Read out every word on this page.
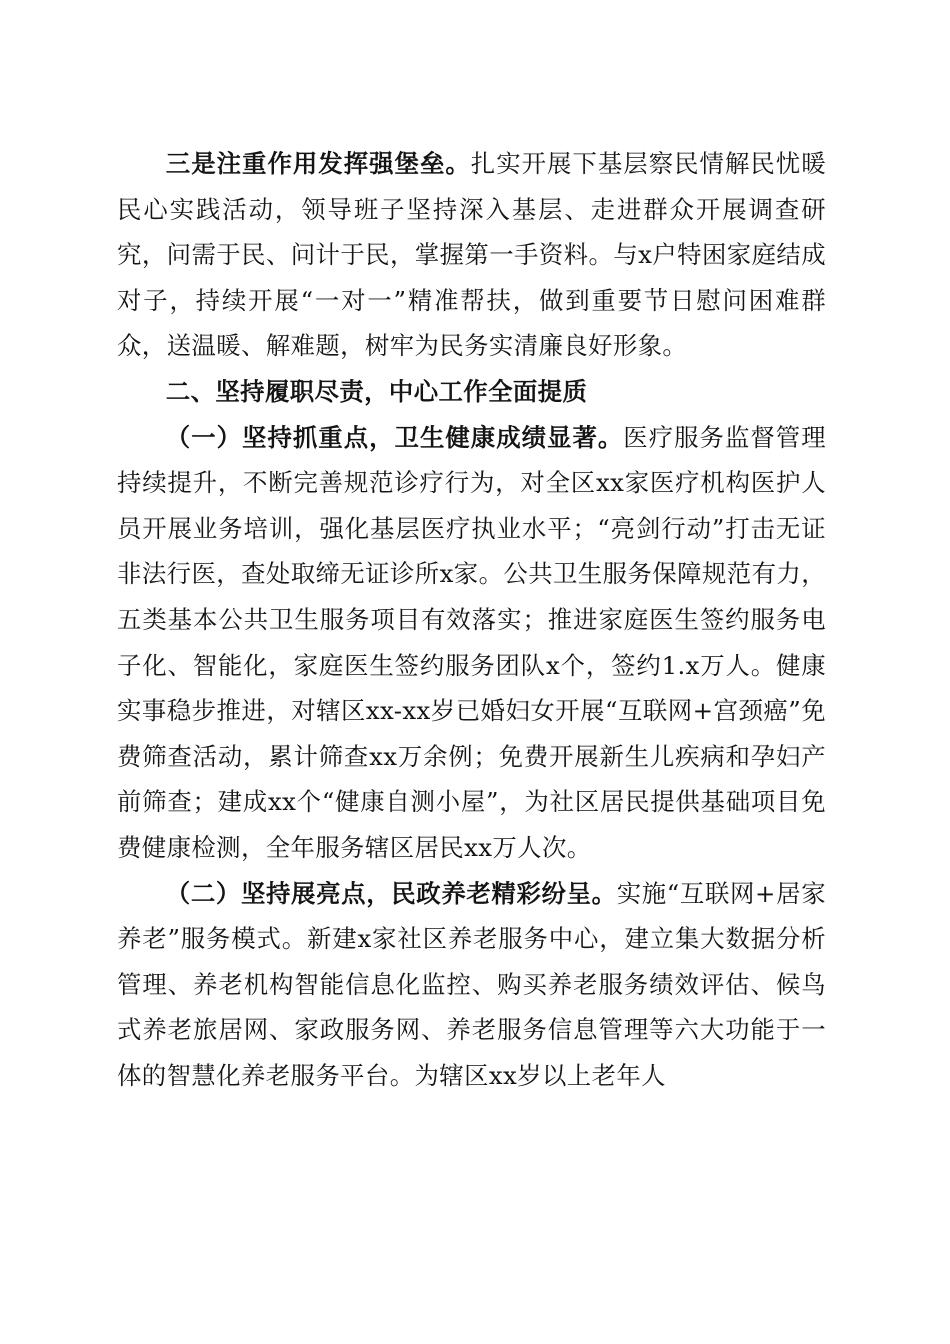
三是注重作用发挥强堡垒。扎实开展下基层察民情解民忧暖民心实践活动，领导班子坚持深入基层、走进群众开展调查研究，问需于民、问计于民，掌握第一手资料。与x户特困家庭结成对子，持续开展“一对一”精准帮扶，做到重要节日慰问困难群众，送温暖、解难题，树牢为民务实清廉良好形象。

二、坚持履职尽责，中心工作全面提质

（一）坚持抓重点，卫生健康成绩显著。医疗服务监督管理持续提升，不断完善规范诊疗行为，对全区xx家医疗机构医护人员开展业务培训，强化基层医疗执业水平；“亮剑行动”打击无证非法行医，查处取缔无证诊所x家。公共卫生服务保障规范有力，五类基本公共卫生服务项目有效落实；推进家庭医生签约服务电子化、智能化，家庭医生签约服务团队x个，签约1.x万人。健康实事稳步推进，对辖区xx-xx岁已婚妇女开展“互联网+宫颈癌”免费筛查活动，累计筛查xx万余例；免费开展新生儿疾病和孕妇产前筛查；建成xx个“健康自测小屋”，为社区居民提供基础项目免费健康检测，全年服务辖区居民xx万人次。

（二）坚持展亮点，民政养老精彩纷呈。实施“互联网+居家养老”服务模式。新建x家社区养老服务中心，建立集大数据分析管理、养老机构智能信息化监控、购买养老服务绩效评估、候鸟式养老旅居网、家政服务网、养老服务信息管理等六大功能于一体的智慧化养老服务平台。为辖区xx岁以上老年人
